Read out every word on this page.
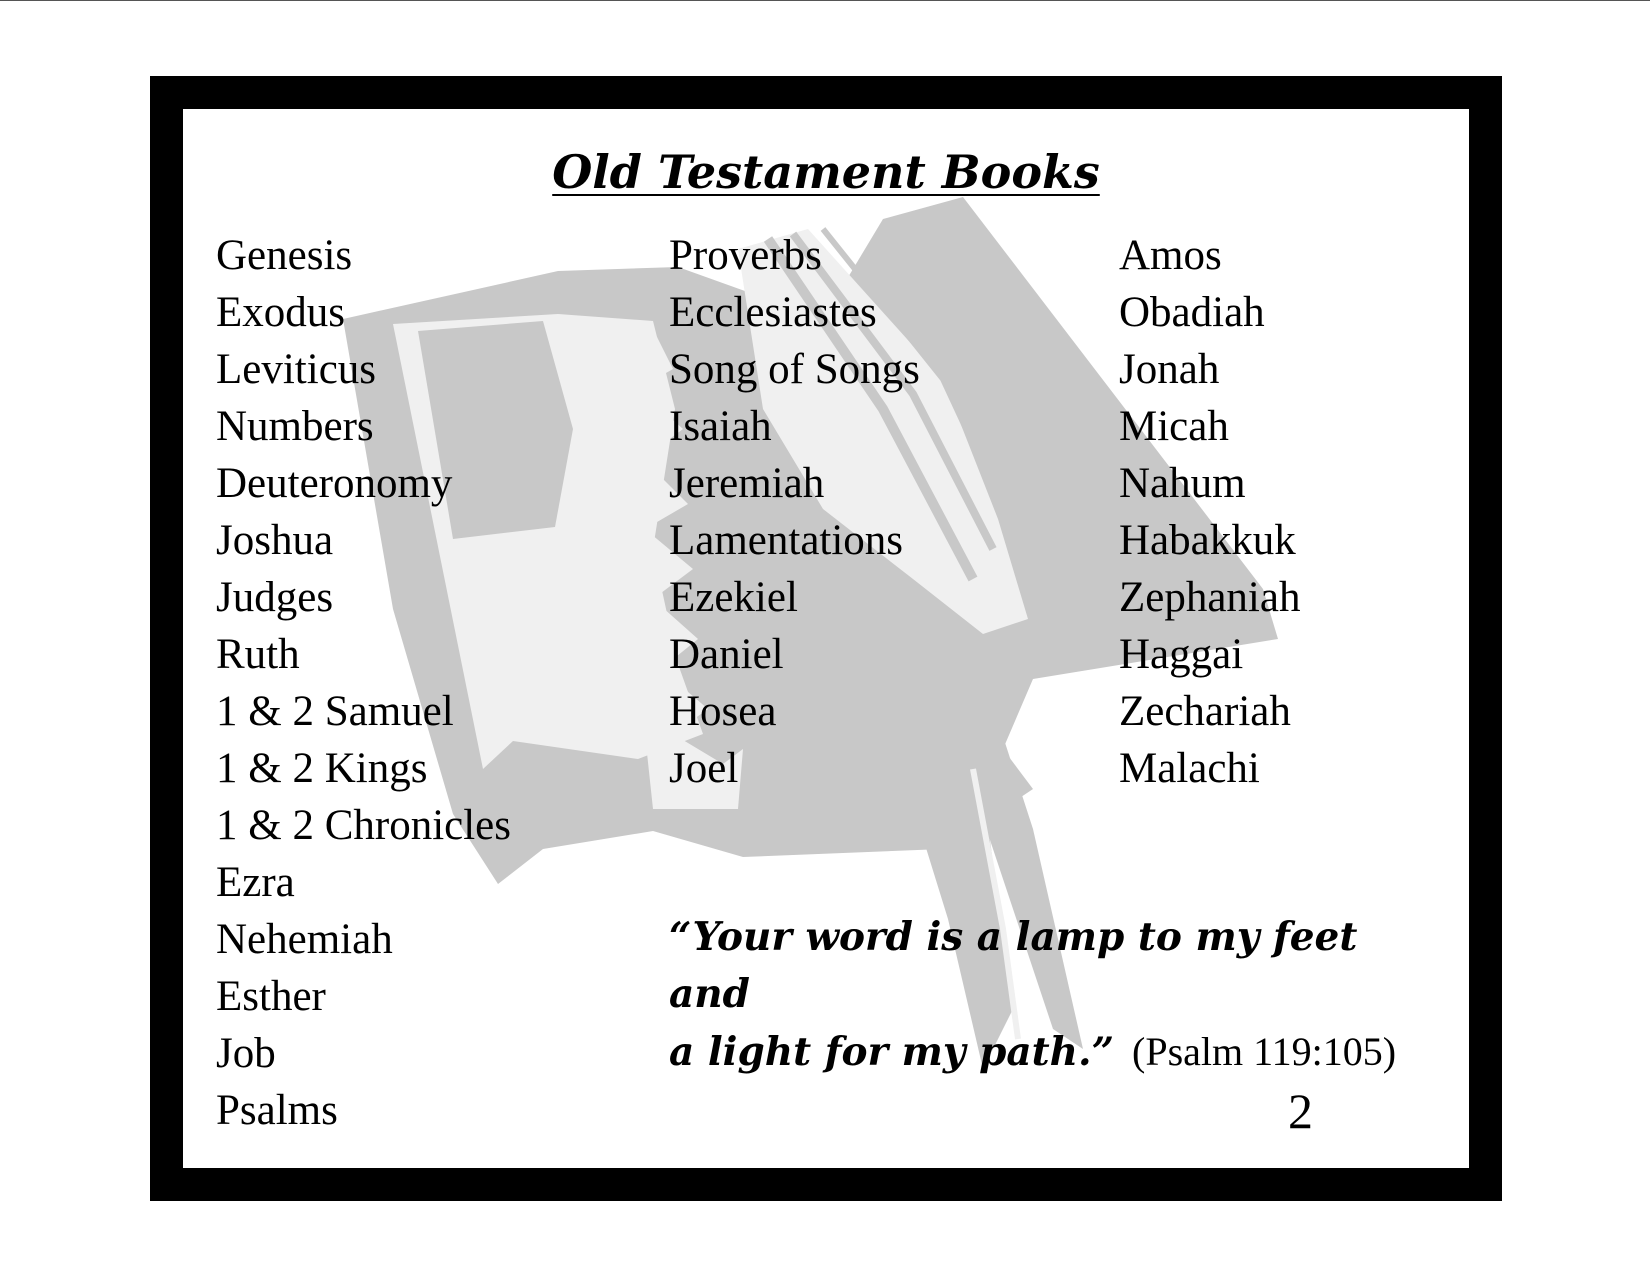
Old Testament Books
Genesis
Exodus
Leviticus
Numbers
Deuteronomy
Joshua
Judges
Ruth
1 & 2 Samuel
1 & 2 Kings
1 & 2 Chronicles
Ezra
Nehemiah
Esther
Job
Psalms
Proverbs
Ecclesiastes
Song of Songs
Isaiah
Jeremiah
Lamentations
Ezekiel
Daniel
Hosea
Joel
Amos
Obadiah
Jonah
Micah
Nahum
Habakkuk
Zephaniah
Haggai
Zechariah
Malachi

“Your word is a lamp to my feet and
a light for my path.” (Psalm 119:105)

2
